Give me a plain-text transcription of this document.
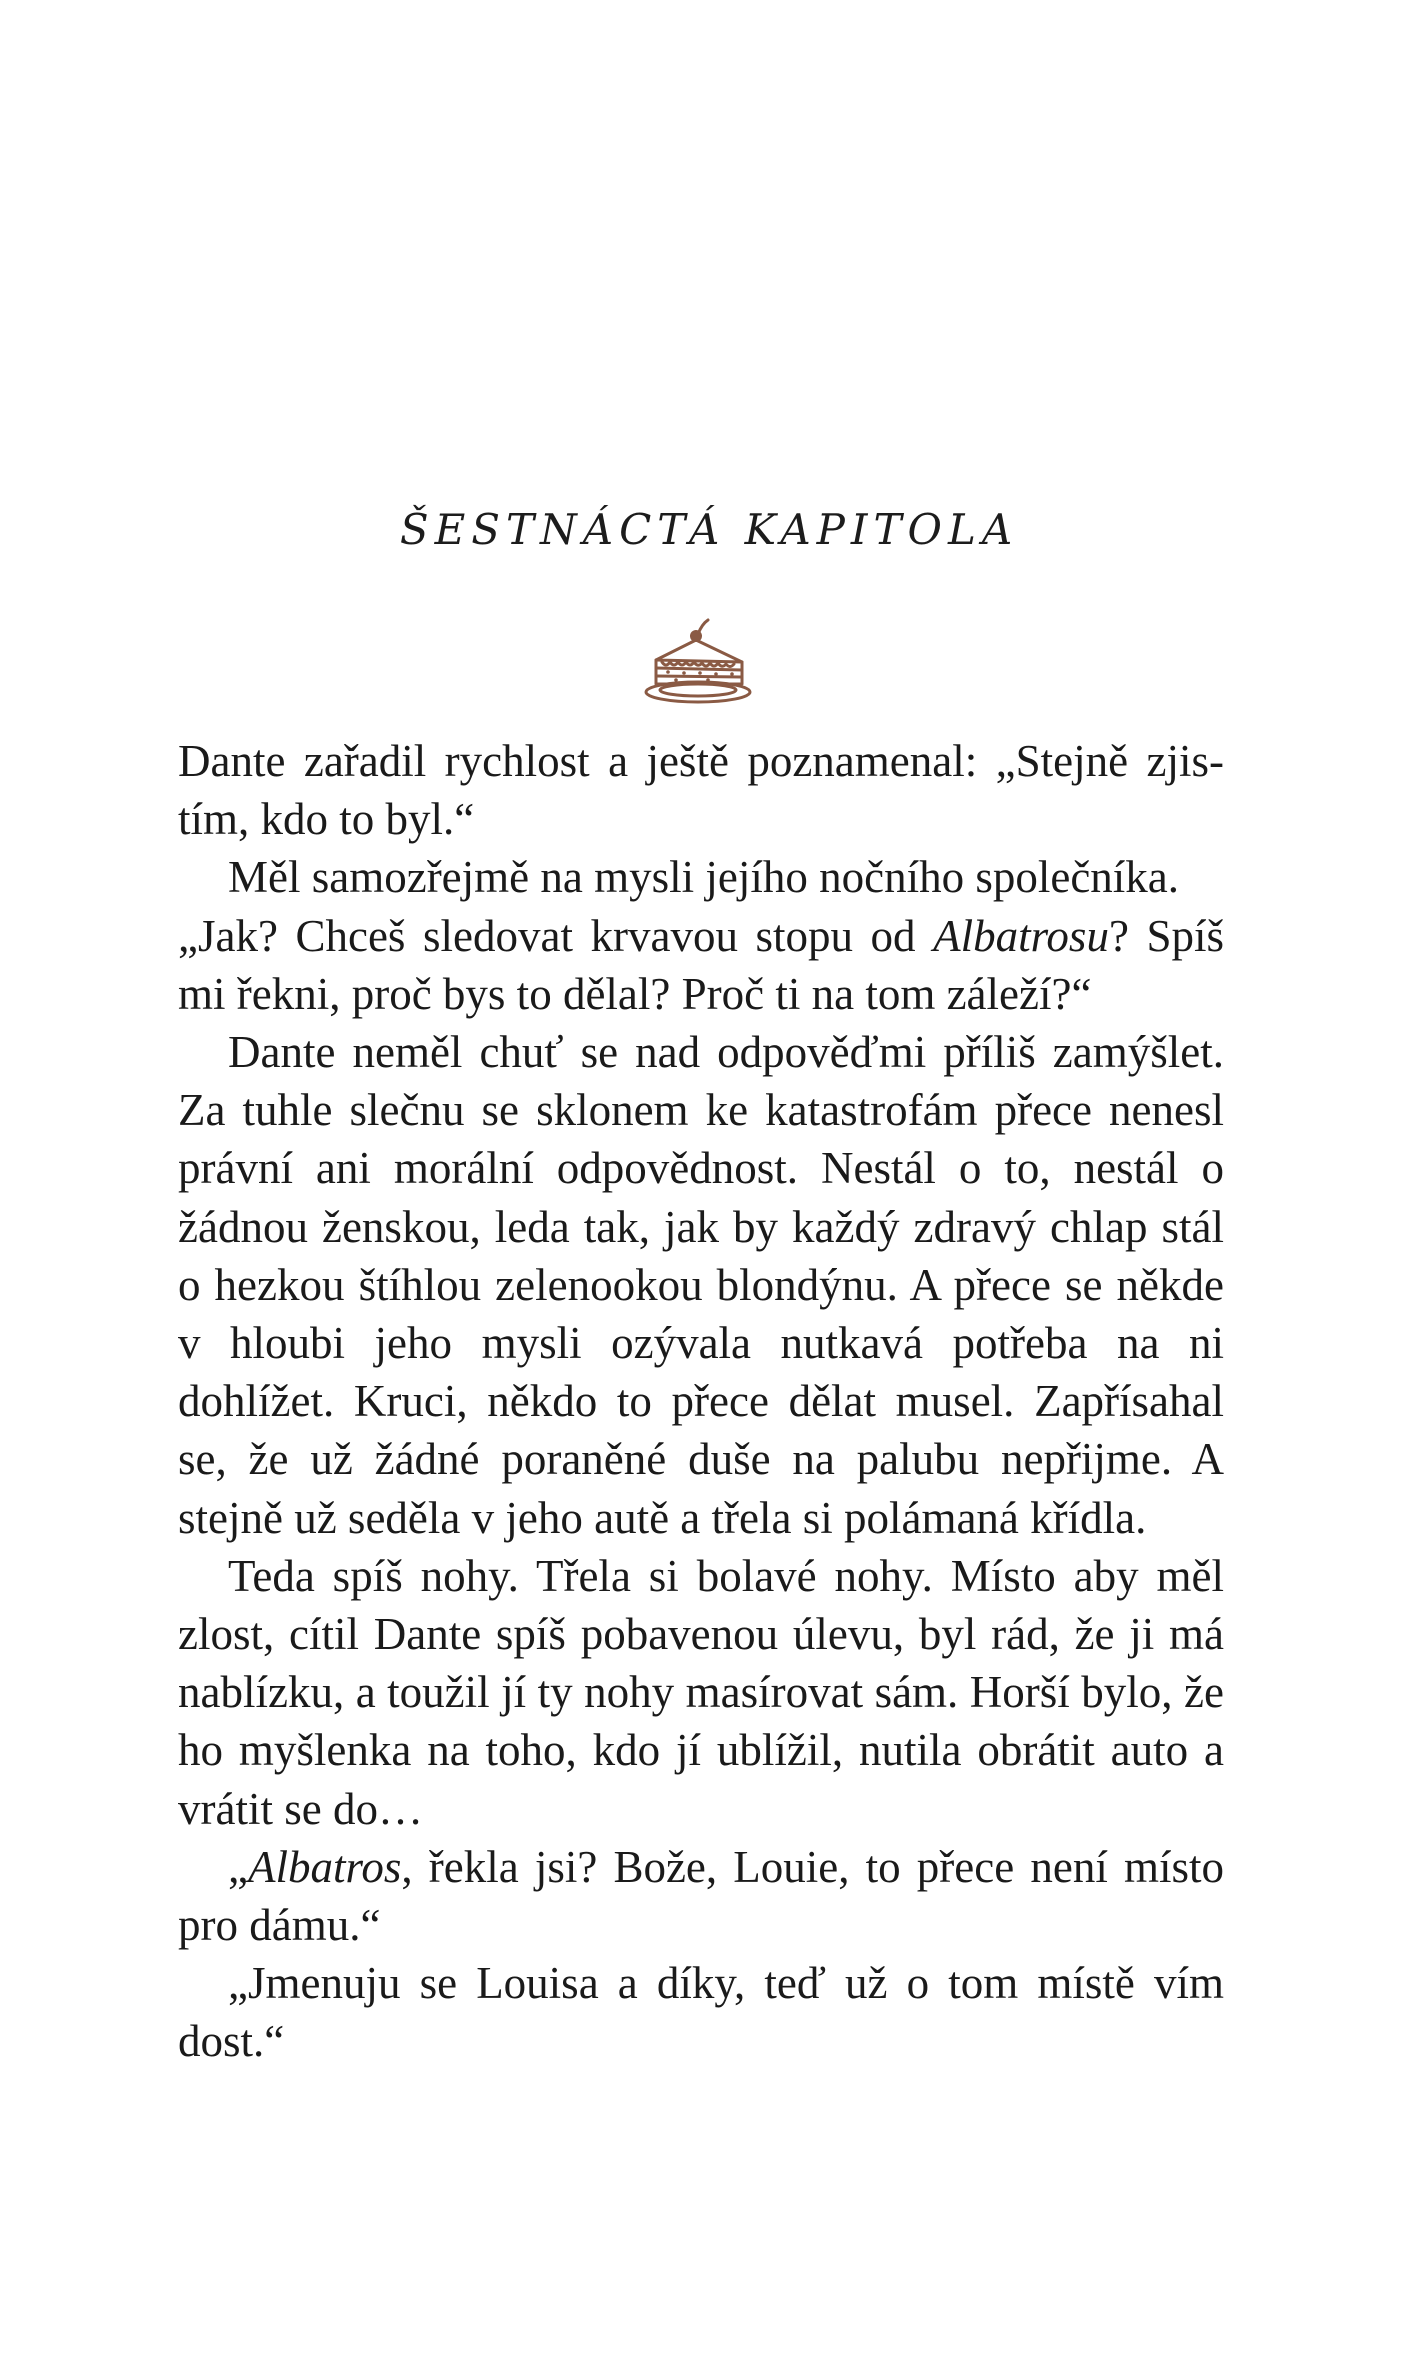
ŠESTNÁCTÁ KAPITOLA

Dante zařadil rychlost a ještě poznamenal: „Stejně zjistím, kdo to byl.“

Měl samozřejmě na mysli jejího nočního společníka.

„Jak? Chceš sledovat krvavou stopu od Albatrosu? Spíš mi řekni, proč bys to dělal? Proč ti na tom záleží?“

Dante neměl chuť se nad odpověďmi příliš zamýšlet. Za tuhle slečnu se sklonem ke katastrofám přece nenesl právní ani morální odpovědnost. Nestál o to, nestál o žádnou ženskou, leda tak, jak by každý zdravý chlap stál o hezkou štíhlou zelenookou blondýnu. A přece se někde v hloubi jeho mysli ozývala nutkavá potřeba na ni dohlížet. Kruci, někdo to přece dělat musel. Zapřísahal se, že už žádné poraněné duše na palubu nepřijme. A stejně už seděla v jeho autě a třela si polámaná křídla.

Teda spíš nohy. Třela si bolavé nohy. Místo aby měl zlost, cítil Dante spíš pobavenou úlevu, byl rád, že ji má nablízku, a toužil jí ty nohy masírovat sám. Horší bylo, že ho myšlenka na toho, kdo jí ublížil, nutila obrátit auto a vrátit se do…

„Albatros, řekla jsi? Bože, Louie, to přece není místo pro dámu.“

„Jmenuju se Louisa a díky, teď už o tom místě vím dost.“
